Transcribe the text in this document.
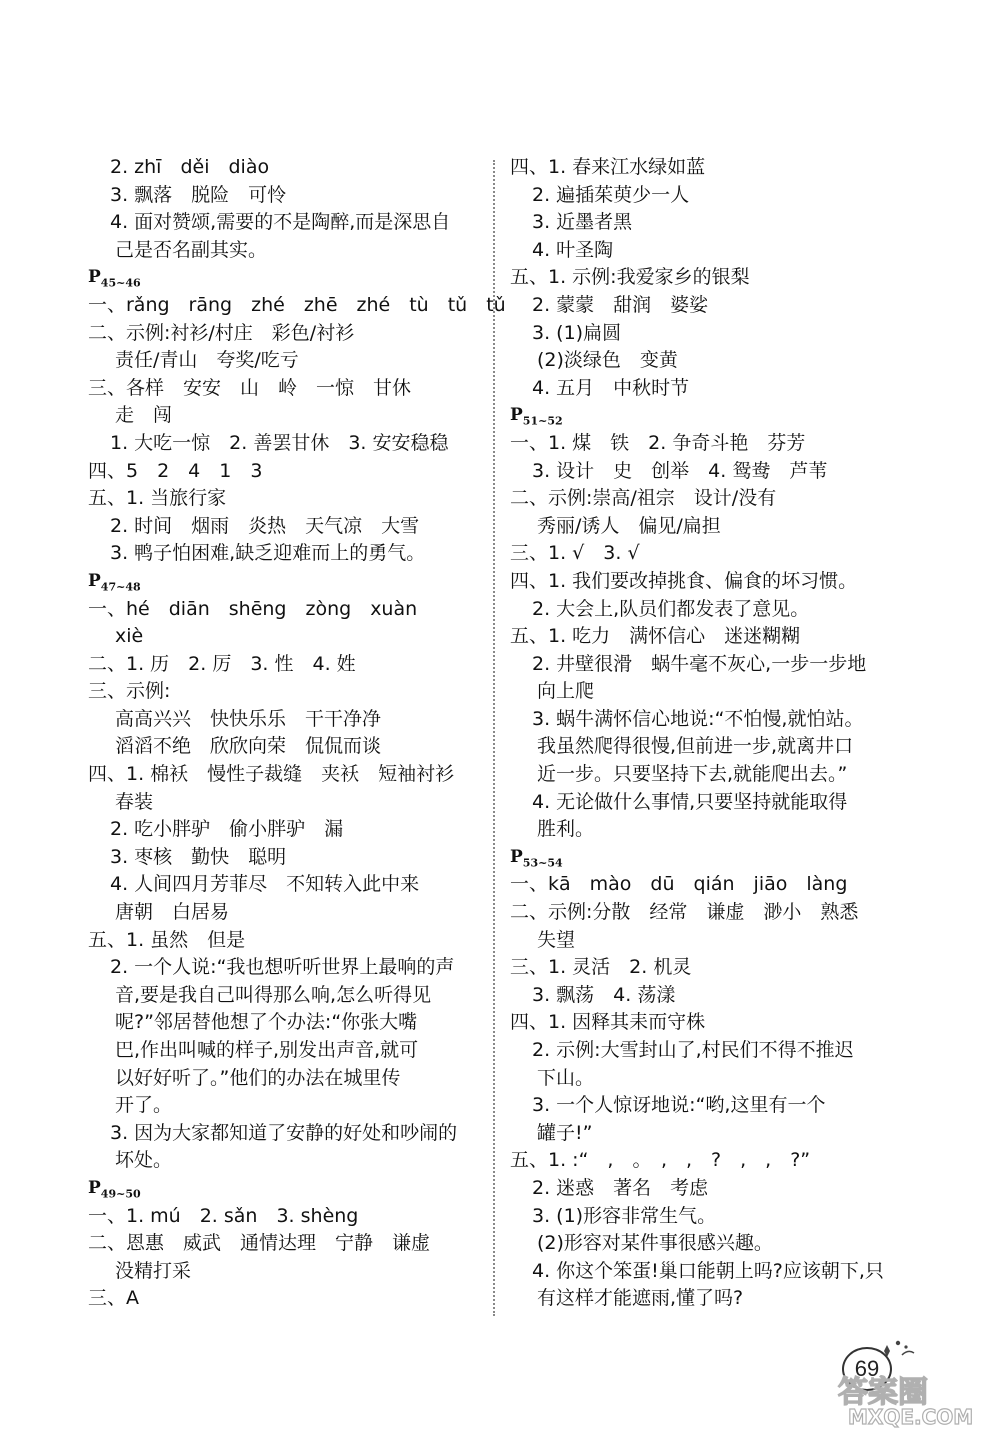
2. zhī　děi　diào
3. 飘落　脱险　可怜
4. 面对赞颂,需要的不是陶醉,而是深思自
己是否名副其实。
$P_{45\sim 46}$
一、rǎng　rāng　zhé　zhē　zhé　tù　tǔ　tǔ
二、示例:衬衫/村庄　彩色/衬衫
责任/青山　夸奖/吃亏
三、各样　安安　山　岭　一惊　甘休
走　闯
1. 大吃一惊　2. 善罢甘休　3. 安安稳稳
四、5　2　4　1　3
五、1. 当旅行家
2. 时间　烟雨　炎热　天气凉　大雪
3. 鸭子怕困难,缺乏迎难而上的勇气。
$P_{47\sim 48}$
一、hé　diān　shēng　zòng　xuàn
xiè
二、1. 历　2. 厉　3. 性　4. 姓
三、示例:
高高兴兴　快快乐乐　干干净净
滔滔不绝　欣欣向荣　侃侃而谈
四、1. 棉袄　慢性子裁缝　夹袄　短袖衬衫
春装
2. 吃小胖驴　偷小胖驴　漏
3. 枣核　勤快　聪明
4. 人间四月芳菲尽　不知转入此中来
唐朝　白居易
五、1. 虽然　但是
2. 一个人说:“我也想听听世界上最响的声
音,要是我自己叫得那么响,怎么听得见
呢?”邻居替他想了个办法:“你张大嘴
巴,作出叫喊的样子,别发出声音,就可
以好好听了。”他们的办法在城里传
开了。
3. 因为大家都知道了安静的好处和吵闹的
坏处。
$P_{49\sim 50}$
一、1. mú　2. sǎn　3. shèng
二、恩惠　威武　通情达理　宁静　谦虚
没精打采
三、A
四、1. 春来江水绿如蓝
2. 遍插茱萸少一人
3. 近墨者黑
4. 叶圣陶
五、1. 示例:我爱家乡的银梨
2. 蒙蒙　甜润　婆娑
3. (1)扁圆
(2)淡绿色　变黄
4. 五月　中秋时节
$P_{51\sim 52}$
一、1. 煤　铁　2. 争奇斗艳　芬芳
3. 设计　史　创举　4. 鸳鸯　芦苇
二、示例:崇高/祖宗　设计/没有
秀丽/诱人　偏见/扁担
三、1. √　3. √
四、1. 我们要改掉挑食、偏食的坏习惯。
2. 大会上,队员们都发表了意见。
五、1. 吃力　满怀信心　迷迷糊糊
2. 井壁很滑　蜗牛毫不灰心,一步一步地
向上爬
3. 蜗牛满怀信心地说:“不怕慢,就怕站。
我虽然爬得很慢,但前进一步,就离井口
近一步。只要坚持下去,就能爬出去。”
4. 无论做什么事情,只要坚持就能取得
胜利。
$P_{53\sim 54}$
一、kā　mào　dū　qián　jiāo　làng
二、示例:分散　经常　谦虚　渺小　熟悉
失望
三、1. 灵活　2. 机灵
3. 飘荡　4. 荡漾
四、1. 因释其耒而守株
2. 示例:大雪封山了,村民们不得不推迟
下山。
3. 一个人惊讶地说:“哟,这里有一个
罐子!”
五、1. :“　,　。　,　,　?　,　,　?”
2. 迷惑　著名　考虑
3. (1)形容非常生气。
(2)形容对某件事很感兴趣。
4. 你这个笨蛋!巢口能朝上吗?应该朝下,只
有这样才能遮雨,懂了吗?
69
答案圈
MXQE.COM
